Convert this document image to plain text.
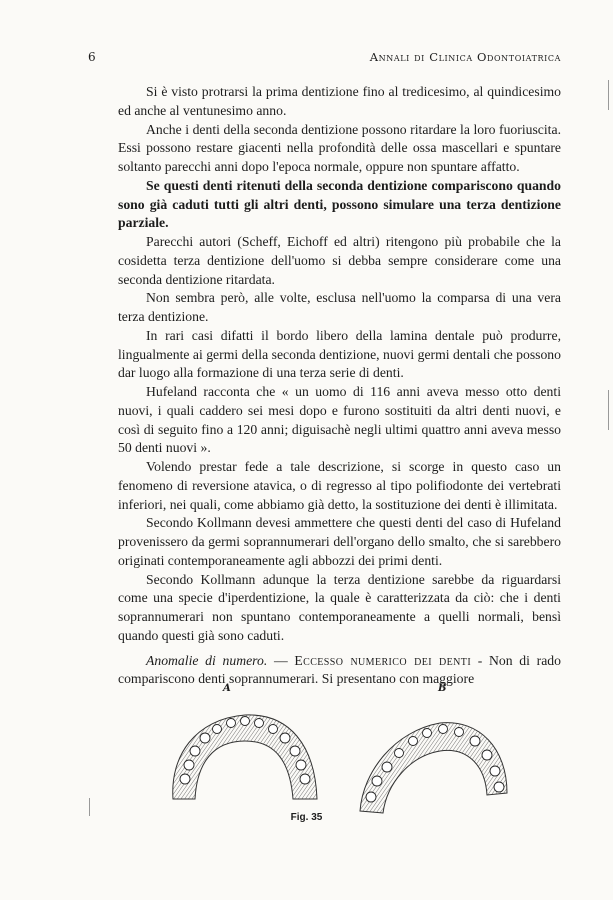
6	Annali di Clinica Odontoiatrica

Si è visto protrarsi la prima dentizione fino al tredicesimo, al quindicesimo ed anche al ventunesimo anno.

Anche i denti della seconda dentizione possono ritardare la loro fuoriuscita. Essi possono restare giacenti nella profondità delle ossa mascellari e spuntare soltanto parecchi anni dopo l'epoca normale, oppure non spuntare affatto.

Se questi denti ritenuti della seconda dentizione compariscono quando sono già caduti tutti gli altri denti, possono simulare una terza dentizione parziale.

Parecchi autori (Scheff, Eichoff ed altri) ritengono più probabile che la cosidetta terza dentizione dell'uomo si debba sempre considerare come una seconda dentizione ritardata.

Non sembra però, alle volte, esclusa nell'uomo la comparsa di una vera terza dentizione.

In rari casi difatti il bordo libero della lamina dentale può produrre, lingualmente ai germi della seconda dentizione, nuovi germi dentali che possono dar luogo alla formazione di una terza serie di denti.

Hufeland racconta che « un uomo di 116 anni aveva messo otto denti nuovi, i quali caddero sei mesi dopo e furono sostituiti da altri denti nuovi, e così di seguito fino a 120 anni; diguisachè negli ultimi quattro anni aveva messo 50 denti nuovi ».

Volendo prestar fede a tale descrizione, si scorge in questo caso un fenomeno di reversione atavica, o di regresso al tipo polifiodonte dei vertebrati inferiori, nei quali, come abbiamo già detto, la sostituzione dei denti è illimitata.

Secondo Kollmann devesi ammettere che questi denti del caso di Hufeland provenissero da germi soprannumerari dell'organo dello smalto, che si sarebbero originati contemporaneamente agli abbozzi dei primi denti.

Secondo Kollmann adunque la terza dentizione sarebbe da riguardarsi come una specie d'iperdentizione, la quale è caratterizzata da ciò: che i denti soprannumerari non spuntano contemporaneamente a quelli normali, bensì quando questi già sono caduti.

Anomalie di numero. — Eccesso numerico dei denti - Non di rado compariscono denti soprannumerari. Si presentano con maggiore

A	B
Fig. 35
